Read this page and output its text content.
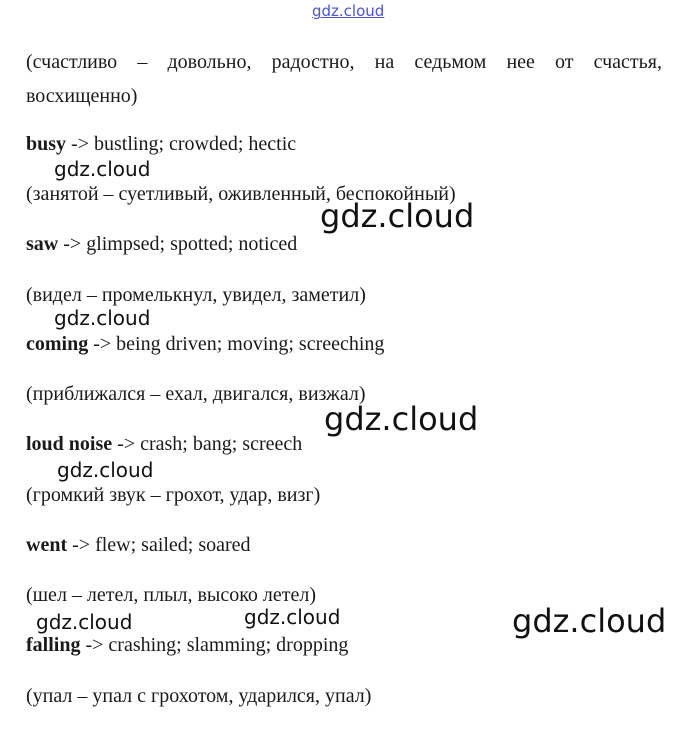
gdz.cloud
(счастливо – довольно, радостно, на седьмом нее от счастья,
восхищенно)
busy -> bustling; crowded; hectic
(занятой – суетливый, оживленный, беспокойный)
saw -> glimpsed; spotted; noticed
(видел – промелькнул, увидел, заметил)
coming -> being driven; moving; screeching
(приближался – ехал, двигался, визжал)
loud noise -> crash; bang; screech
(громкий звук – грохот, удар, визг)
went -> flew; sailed; soared
(шел – летел, плыл, высоко летел)
falling -> crashing; slamming; dropping
(упал – упал с грохотом, ударился, упал)
gdz.cloud
gdz.cloud
gdz.cloud
gdz.cloud
gdz.cloud
gdz.cloud	gdz.cloud	gdz.cloud
